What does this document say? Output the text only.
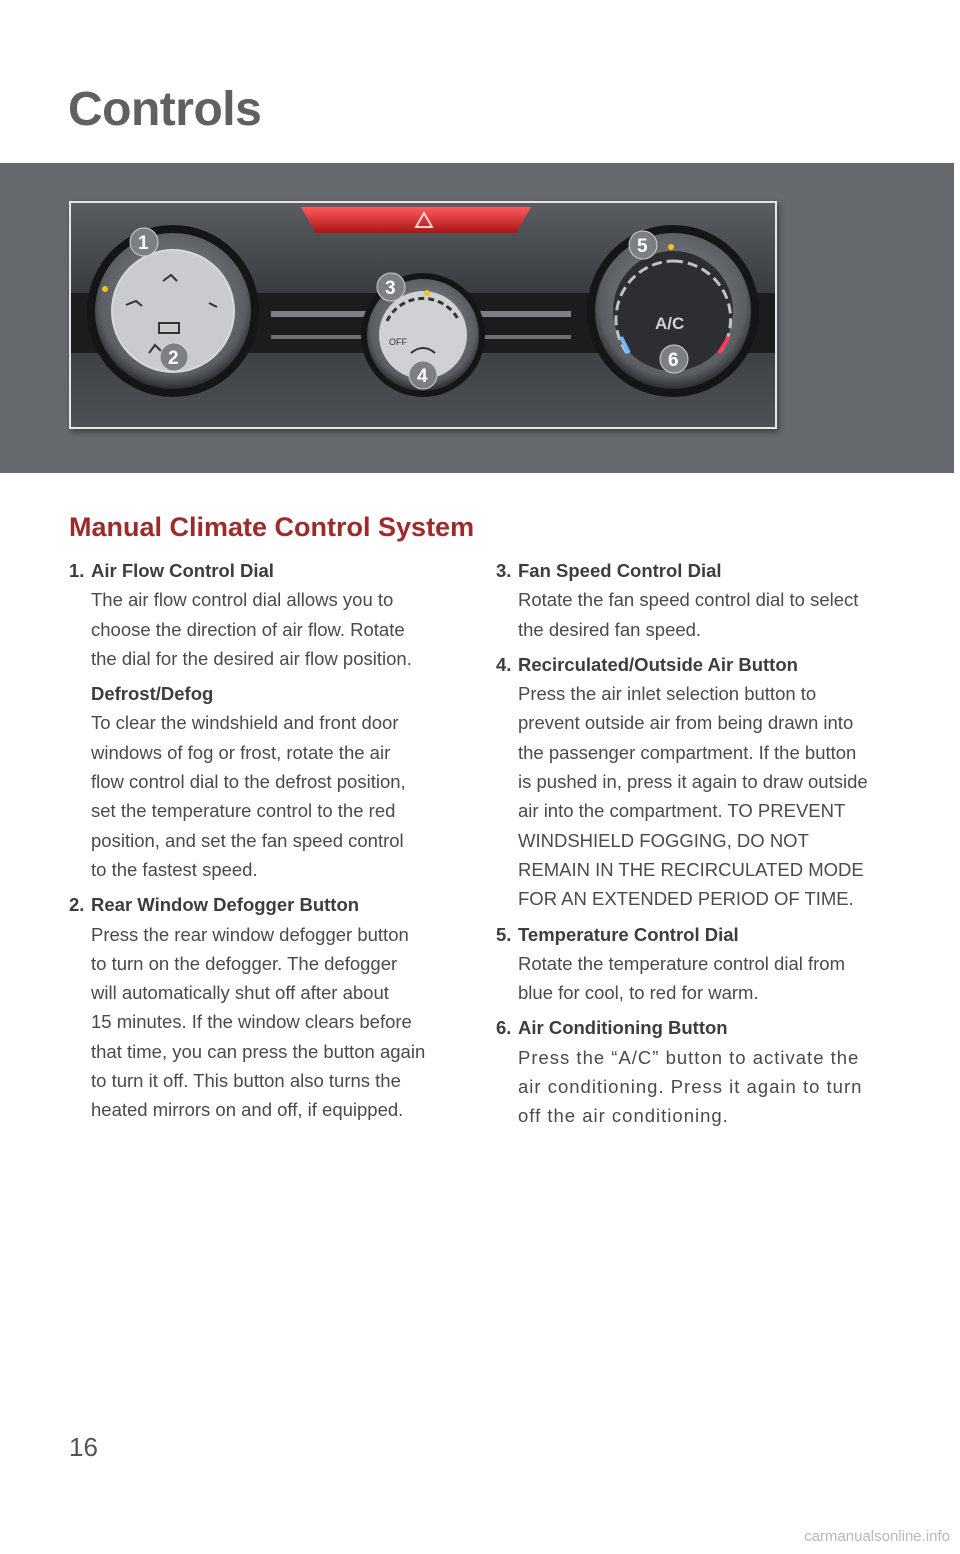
Controls
OFF
A/C
1
2
3
4
5
6
Manual Climate Control System
1. Air Flow Control Dial
The air flow control dial allows you to
choose the direction of air flow. Rotate
the dial for the desired air flow position.
Defrost/Defog
To clear the windshield and front door
windows of fog or frost, rotate the air
flow control dial to the defrost position,
set the temperature control to the red
position, and set the fan speed control
to the fastest speed.
2. Rear Window Defogger Button
Press the rear window defogger button
to turn on the defogger. The defogger
will automatically shut off after about
15 minutes. If the window clears before
that time, you can press the button again
to turn it off. This button also turns the
heated mirrors on and off, if equipped.
3. Fan Speed Control Dial
Rotate the fan speed control dial to select
the desired fan speed.
4. Recirculated/Outside Air Button
Press the air inlet selection button to
prevent outside air from being drawn into
the passenger compartment. If the button
is pushed in, press it again to draw outside
air into the compartment. TO PREVENT
WINDSHIELD FOGGING, DO NOT
REMAIN IN THE RECIRCULATED MODE
FOR AN EXTENDED PERIOD OF TIME.
5. Temperature Control Dial
Rotate the temperature control dial from
blue for cool, to red for warm.
6. Air Conditioning Button
Press the “A/C” button to activate the
air conditioning. Press it again to turn
off the air conditioning.
16
carmanualsonline.info
